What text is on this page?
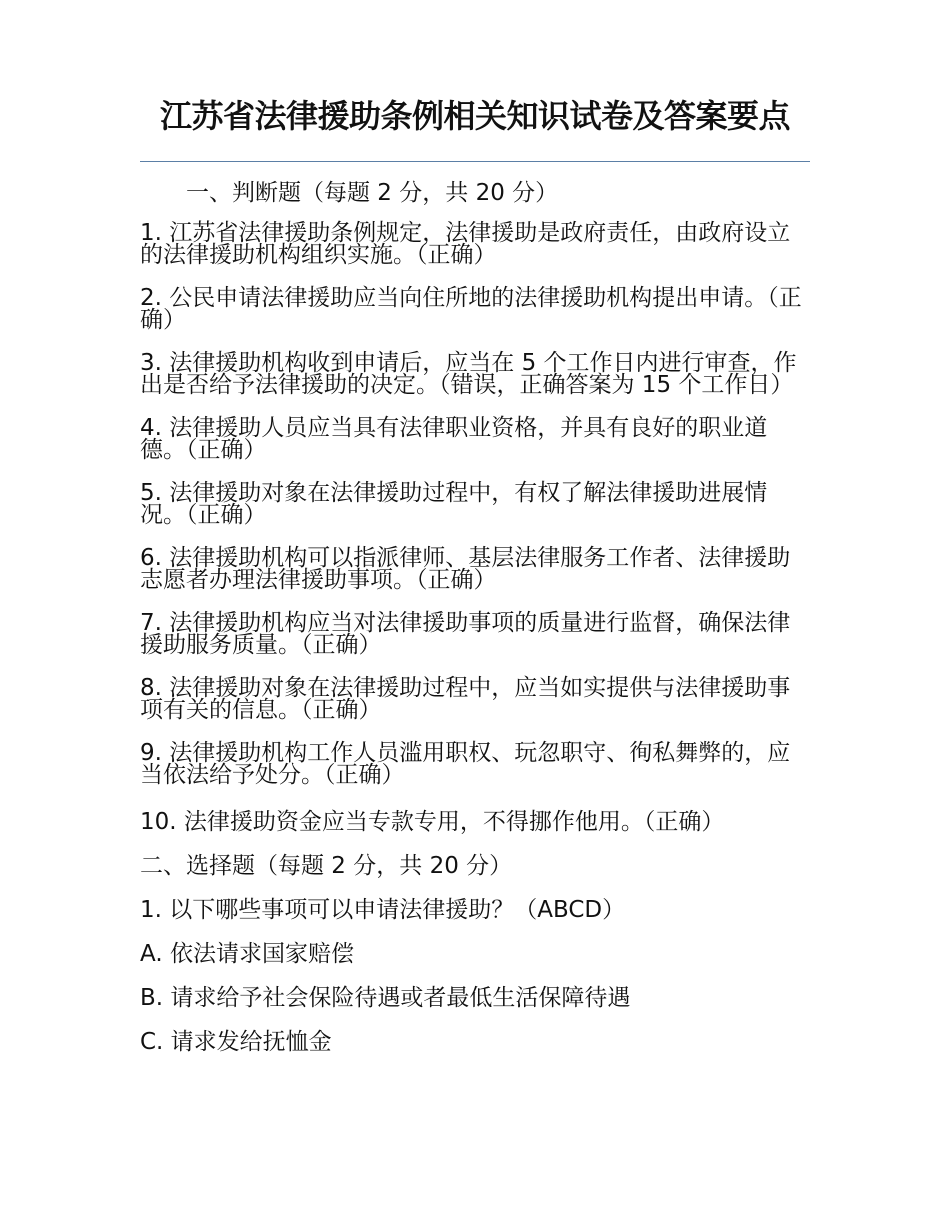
江苏省法律援助条例相关知识试卷及答案要点
一、判断题（每题 2 分，共 20 分）
1. 江苏省法律援助条例规定，法律援助是政府责任，由政府设立的法律援助机构组织实施。（正确）
2. 公民申请法律援助应当向住所地的法律援助机构提出申请。（正确）
3. 法律援助机构收到申请后，应当在 5 个工作日内进行审查，作出是否给予法律援助的决定。（错误，正确答案为 15 个工作日）
4. 法律援助人员应当具有法律职业资格，并具有良好的职业道德。（正确）
5. 法律援助对象在法律援助过程中，有权了解法律援助进展情况。（正确）
6. 法律援助机构可以指派律师、基层法律服务工作者、法律援助志愿者办理法律援助事项。（正确）
7. 法律援助机构应当对法律援助事项的质量进行监督，确保法律援助服务质量。（正确）
8. 法律援助对象在法律援助过程中，应当如实提供与法律援助事项有关的信息。（正确）
9. 法律援助机构工作人员滥用职权、玩忽职守、徇私舞弊的，应当依法给予处分。（正确）
10. 法律援助资金应当专款专用，不得挪作他用。（正确）
二、选择题（每题 2 分，共 20 分）
1. 以下哪些事项可以申请法律援助？（ABCD）
A. 依法请求国家赔偿
B. 请求给予社会保险待遇或者最低生活保障待遇
C. 请求发给抚恤金
